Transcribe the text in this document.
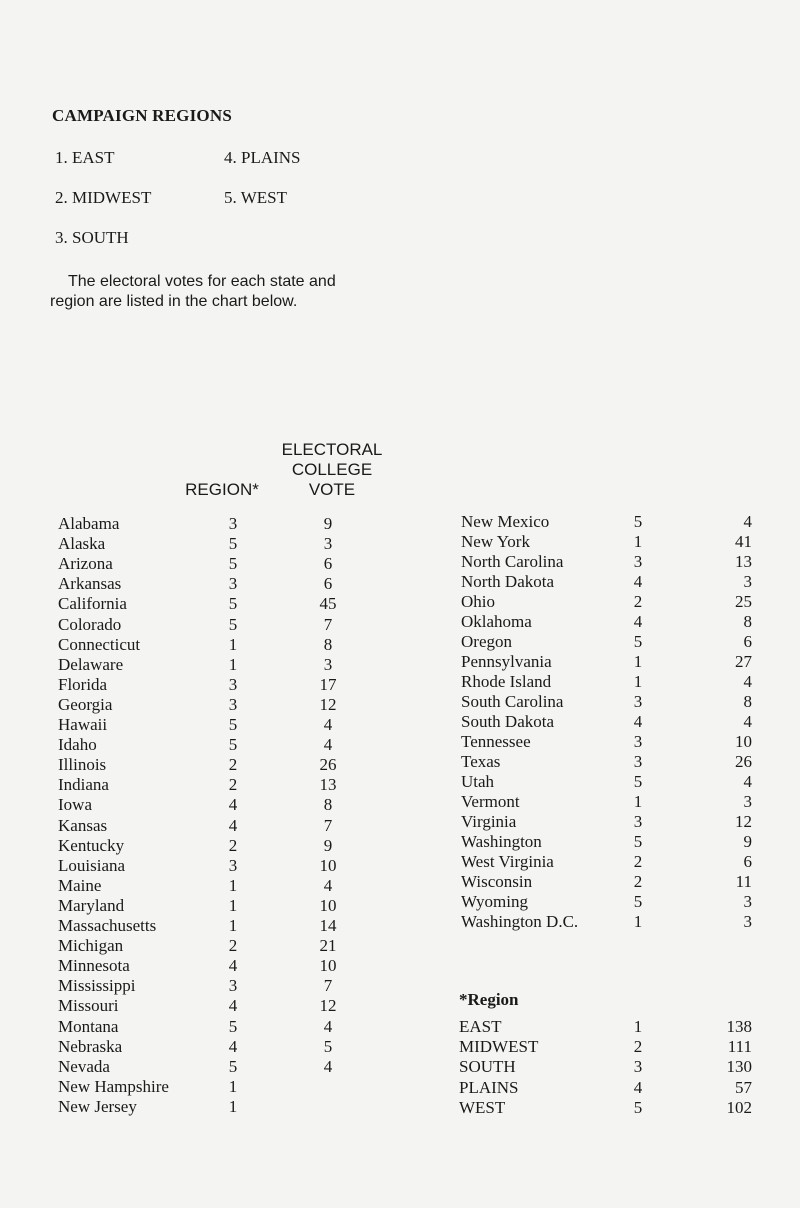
CAMPAIGN REGIONS
1. EAST	4. PLAINS
2. MIDWEST	5. WEST
3. SOUTH
The electoral votes for each state and
region are listed in the chart below.
ELECTORAL
COLLEGE
VOTE
REGION*
Alabama	3	9
Alaska	5	3
Arizona	5	6
Arkansas	3	6
California	5	45
Colorado	5	7
Connecticut	1	8
Delaware	1	3
Florida	3	17
Georgia	3	12
Hawaii	5	4
Idaho	5	4
Illinois	2	26
Indiana	2	13
Iowa	4	8
Kansas	4	7
Kentucky	2	9
Louisiana	3	10
Maine	1	4
Maryland	1	10
Massachusetts	1	14
Michigan	2	21
Minnesota	4	10
Mississippi	3	7
Missouri	4	12
Montana	5	4
Nebraska	4	5
Nevada	5	4
New Hampshire	1
New Jersey	1
New Mexico	5	4
New York	1	41
North Carolina	3	13
North Dakota	4	3
Ohio	2	25
Oklahoma	4	8
Oregon	5	6
Pennsylvania	1	27
Rhode Island	1	4
South Carolina	3	8
South Dakota	4	4
Tennessee	3	10
Texas	3	26
Utah	5	4
Vermont	1	3
Virginia	3	12
Washington	5	9
West Virginia	2	6
Wisconsin	2	11
Wyoming	5	3
Washington D.C.	1	3
*Region
EAST	1	138
MIDWEST	2	111
SOUTH	3	130
PLAINS	4	57
WEST	5	102
